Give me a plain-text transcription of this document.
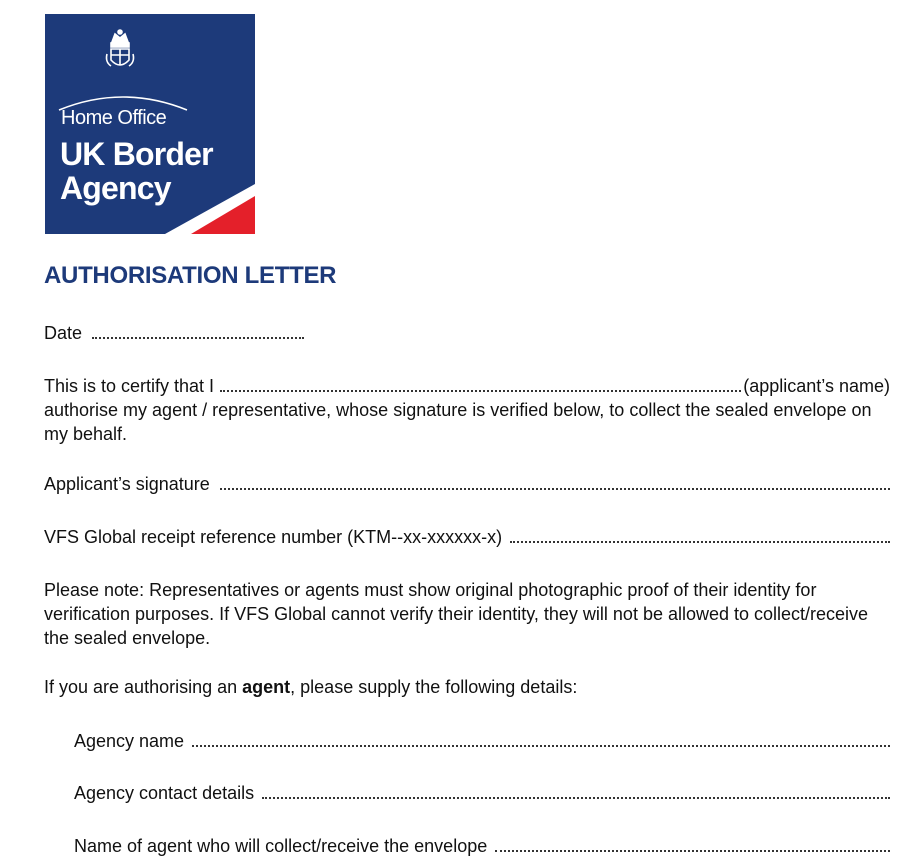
Home Office
UK Border
Agency
AUTHORISATION LETTER
Date
This is to certify that I	(applicant’s name)
authorise my agent / representative, whose signature is verified below, to collect the sealed envelope on my behalf.
Applicant’s signature
VFS Global receipt reference number (KTM--xx-xxxxxx-x)
Please note: Representatives or agents must show original photographic proof of their identity for verification purposes. If VFS Global cannot verify their identity, they will not be allowed to collect/receive the sealed envelope.
If you are authorising an agent, please supply the following details:
Agency name
Agency contact details
Name of agent who will collect/receive the envelope
